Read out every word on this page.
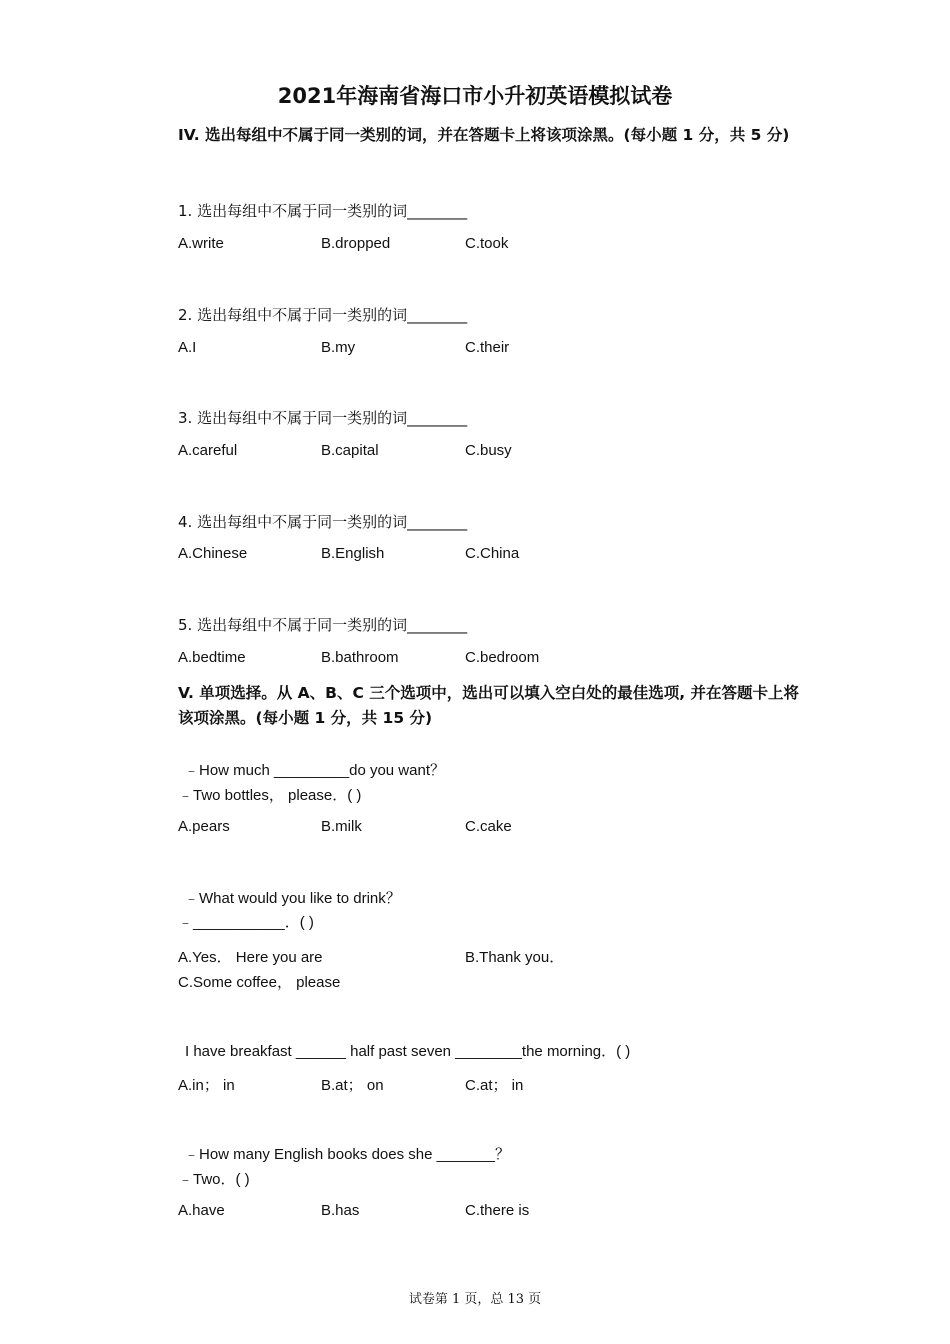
2021年海南省海口市小升初英语模拟试卷
IV. 选出每组中不属于同一类别的词，并在答题卡上将该项涂黑。(每小题 1 分，共 5 分)
1. 选出每组中不属于同一类别的词________
A.write	B.dropped	C.took
2. 选出每组中不属于同一类别的词________
A.I	B.my	C.their
3. 选出每组中不属于同一类别的词________
A.careful	B.capital	C.busy
4. 选出每组中不属于同一类别的词________
A.Chinese	B.English	C.China
5. 选出每组中不属于同一类别的词________
A.bedtime	B.bathroom	C.bedroom
V. 单项选择。从 A、B、C 三个选项中，选出可以填入空白处的最佳选项, 并在答题卡上将该项涂黑。(每小题 1 分，共 15 分)
﹣How much _________do you want？
﹣Two bottles， please．( )
A.pears	B.milk	C.cake
﹣What would you like to drink？
﹣___________．( )
A.Yes． Here you are	B.Thank you．
C.Some coffee， please
I have breakfast ______ half past seven ________the morning．( )
A.in； in	B.at； on	C.at； in
﹣How many English books does she _______？
﹣Two．( )
A.have	B.has	C.there is
试卷第 1 页，总 13 页
